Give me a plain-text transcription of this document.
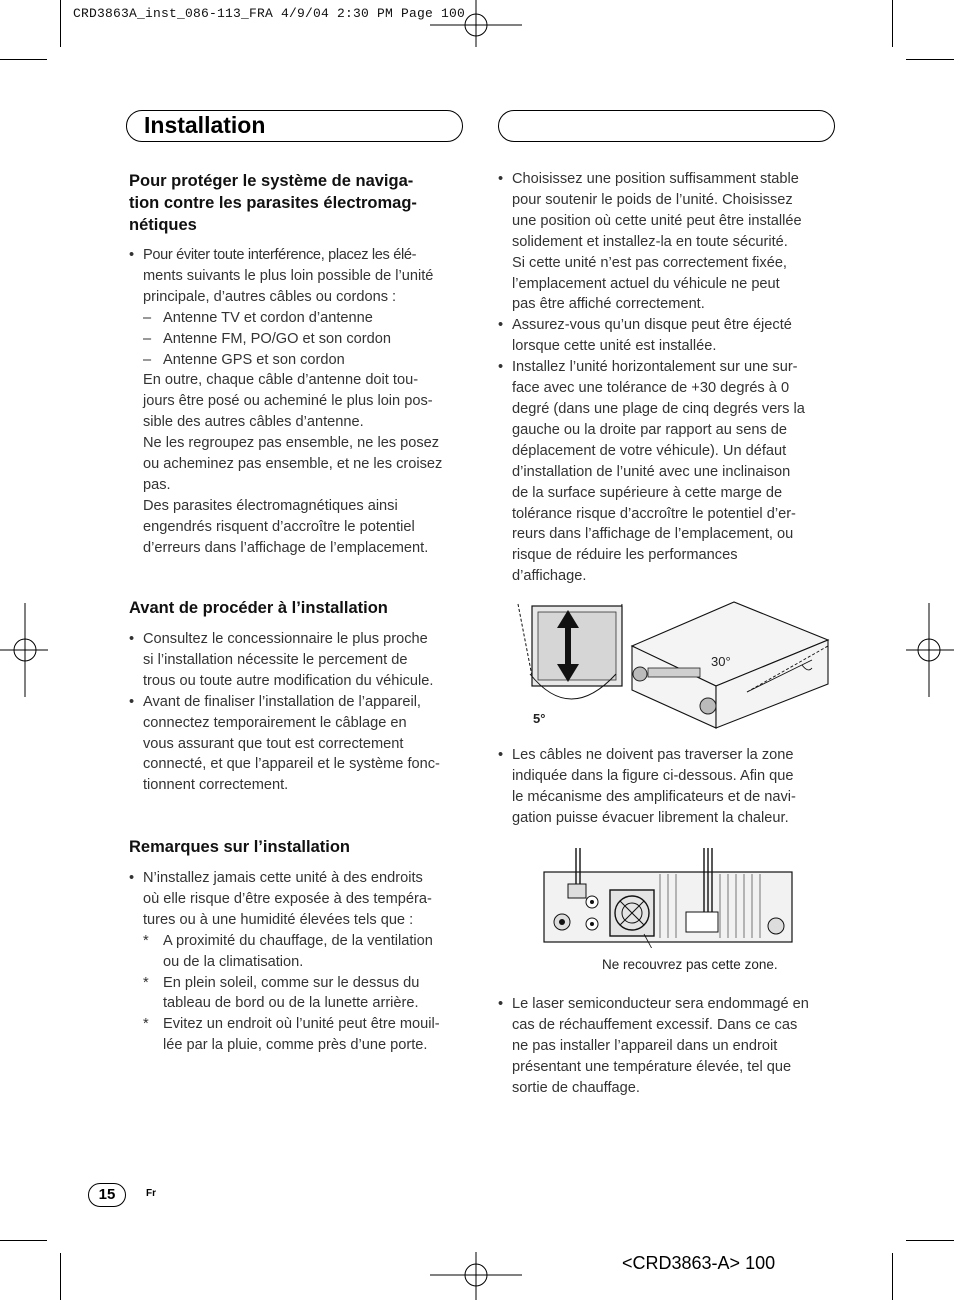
CRD3863A_inst_086-113_FRA 4/9/04 2:30 PM Page 100
Installation
Pour protéger le système de naviga-
tion contre les parasites électromag-
nétiques
• Pour éviter toute interférence, placez les élé-
ments suivants le plus loin possible de l’unité
principale, d’autres câbles ou cordons :
– Antenne TV et cordon d’antenne
– Antenne FM, PO/GO et son cordon
– Antenne GPS et son cordon
En outre, chaque câble d’antenne doit tou-
jours être posé ou acheminé le plus loin pos-
sible des autres câbles d’antenne.
Ne les regroupez pas ensemble, ne les posez
ou acheminez pas ensemble, et ne les croisez
pas.
Des parasites électromagnétiques ainsi
engendrés risquent d’accroître le potentiel
d’erreurs dans l’affichage de l’emplacement.
Avant de procéder à l’installation
• Consultez le concessionnaire le plus proche
si l’installation nécessite le percement de
trous ou toute autre modification du véhicule.
• Avant de finaliser l’installation de l’appareil,
connectez temporairement le câblage en
vous assurant que tout est correctement
connecté, et que l’appareil et le système fonc-
tionnent correctement.
Remarques sur l’installation
• N’installez jamais cette unité à des endroits
où elle risque d’être exposée à des tempéra-
tures ou à une humidité élevées tels que :
* A proximité du chauffage, de la ventilation
ou de la climatisation.
* En plein soleil, comme sur le dessus du
tableau de bord ou de la lunette arrière.
* Evitez un endroit où l’unité peut être mouil-
lée par la pluie, comme près d’une porte.
• Choisissez une position suffisamment stable
pour soutenir le poids de l’unité. Choisissez
une position où cette unité peut être installée
solidement et installez-la en toute sécurité.
Si cette unité n’est pas correctement fixée,
l’emplacement actuel du véhicule ne peut
pas être affiché correctement.
• Assurez-vous qu’un disque peut être éjecté
lorsque cette unité est installée.
• Installez l’unité horizontalement sur une sur-
face avec une tolérance de +30 degrés à 0
degré (dans une plage de cinq degrés vers la
gauche ou la droite par rapport au sens de
déplacement de votre véhicule). Un défaut
d’installation de l’unité avec une inclinaison
de la surface supérieure à cette marge de
tolérance risque d’accroître le potentiel d’er-
reurs dans l’affichage de l’emplacement, ou
risque de réduire les performances
d’affichage.
30°
5°
• Les câbles ne doivent pas traverser la zone
indiquée dans la figure ci-dessous. Afin que
le mécanisme des amplificateurs et de navi-
gation puisse évacuer librement la chaleur.
Ne recouvrez pas cette zone.
• Le laser semiconducteur sera endommagé en
cas de réchauffement excessif. Dans ce cas
ne pas installer l’appareil dans un endroit
présentant une température élevée, tel que
sortie de chauffage.
15	Fr
<CRD3863-A> 100
